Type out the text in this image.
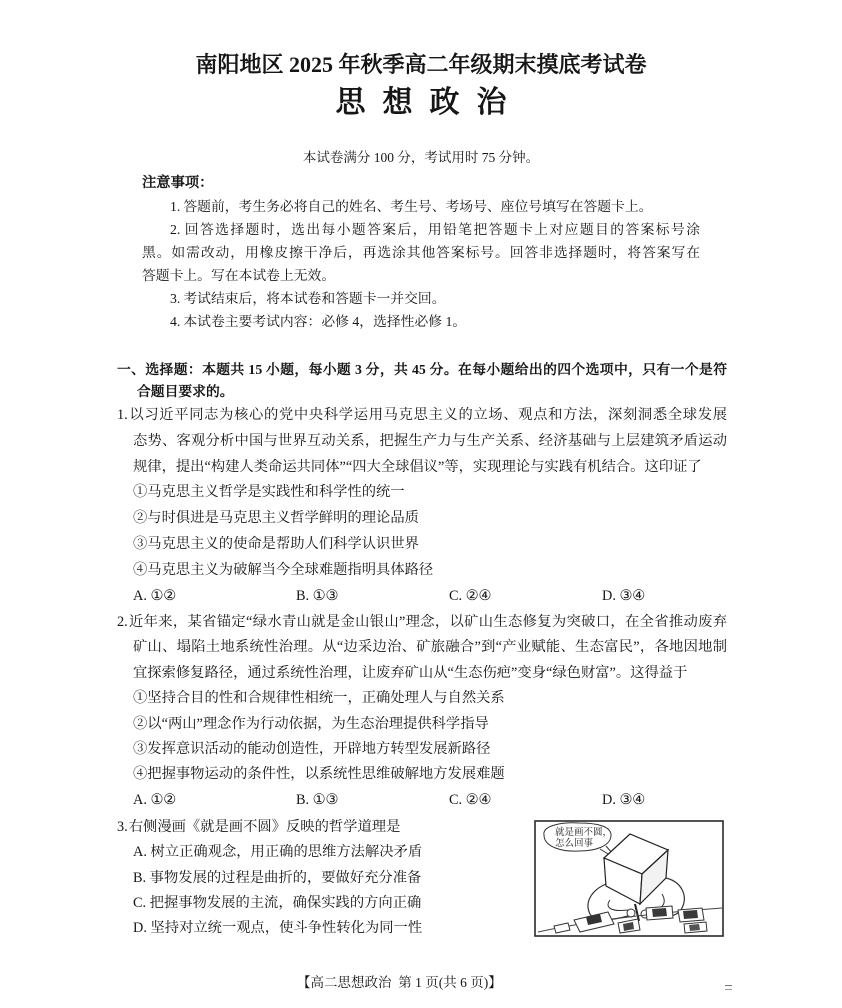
南阳地区 2025 年秋季高二年级期末摸底考试卷
思想政治
本试卷满分 100 分，考试用时 75 分钟。
注意事项：
1. 答题前，考生务必将自己的姓名、考生号、考场号、座位号填写在答题卡上。
2. 回答选择题时，选出每小题答案后，用铅笔把答题卡上对应题目的答案标号涂
黑。如需改动，用橡皮擦干净后，再选涂其他答案标号。回答非选择题时，将答案写在
答题卡上。写在本试卷上无效。
3. 考试结束后，将本试卷和答题卡一并交回。
4. 本试卷主要考试内容：必修 4，选择性必修 1。
一、选择题：本题共 15 小题，每小题 3 分，共 45 分。在每小题给出的四个选项中，只有一个是符
合题目要求的。
1.以习近平同志为核心的党中央科学运用马克思主义的立场、观点和方法，深刻洞悉全球发展
态势、客观分析中国与世界互动关系，把握生产力与生产关系、经济基础与上层建筑矛盾运动
规律，提出“构建人类命运共同体”“四大全球倡议”等，实现理论与实践有机结合。这印证了
①马克思主义哲学是实践性和科学性的统一
②与时俱进是马克思主义哲学鲜明的理论品质
③马克思主义的使命是帮助人们科学认识世界
④马克思主义为破解当今全球难题指明具体路径
A. ①②	B. ①③	C. ②④	D. ③④
2.近年来，某省锚定“绿水青山就是金山银山”理念，以矿山生态修复为突破口，在全省推动废弃
矿山、塌陷土地系统性治理。从“边采边治、矿旅融合”到“产业赋能、生态富民”，各地因地制
宜探索修复路径，通过系统性治理，让废弃矿山从“生态伤疤”变身“绿色财富”。这得益于
①坚持合目的性和合规律性相统一，正确处理人与自然关系
②以“两山”理念作为行动依据，为生态治理提供科学指导
③发挥意识活动的能动创造性，开辟地方转型发展新路径
④把握事物运动的条件性，以系统性思维破解地方发展难题
A. ①②	B. ①③	C. ②④	D. ③④
3.右侧漫画《就是画不圆》反映的哲学道理是
A. 树立正确观念，用正确的思维方法解决矛盾
B. 事物发展的过程是曲折的，要做好充分准备
C. 把握事物发展的主流，确保实践的方向正确
D. 坚持对立统一观点，使斗争性转化为同一性
就是画不圆，
怎么回事
【高二思想政治  第 1 页(共 6 页)】
